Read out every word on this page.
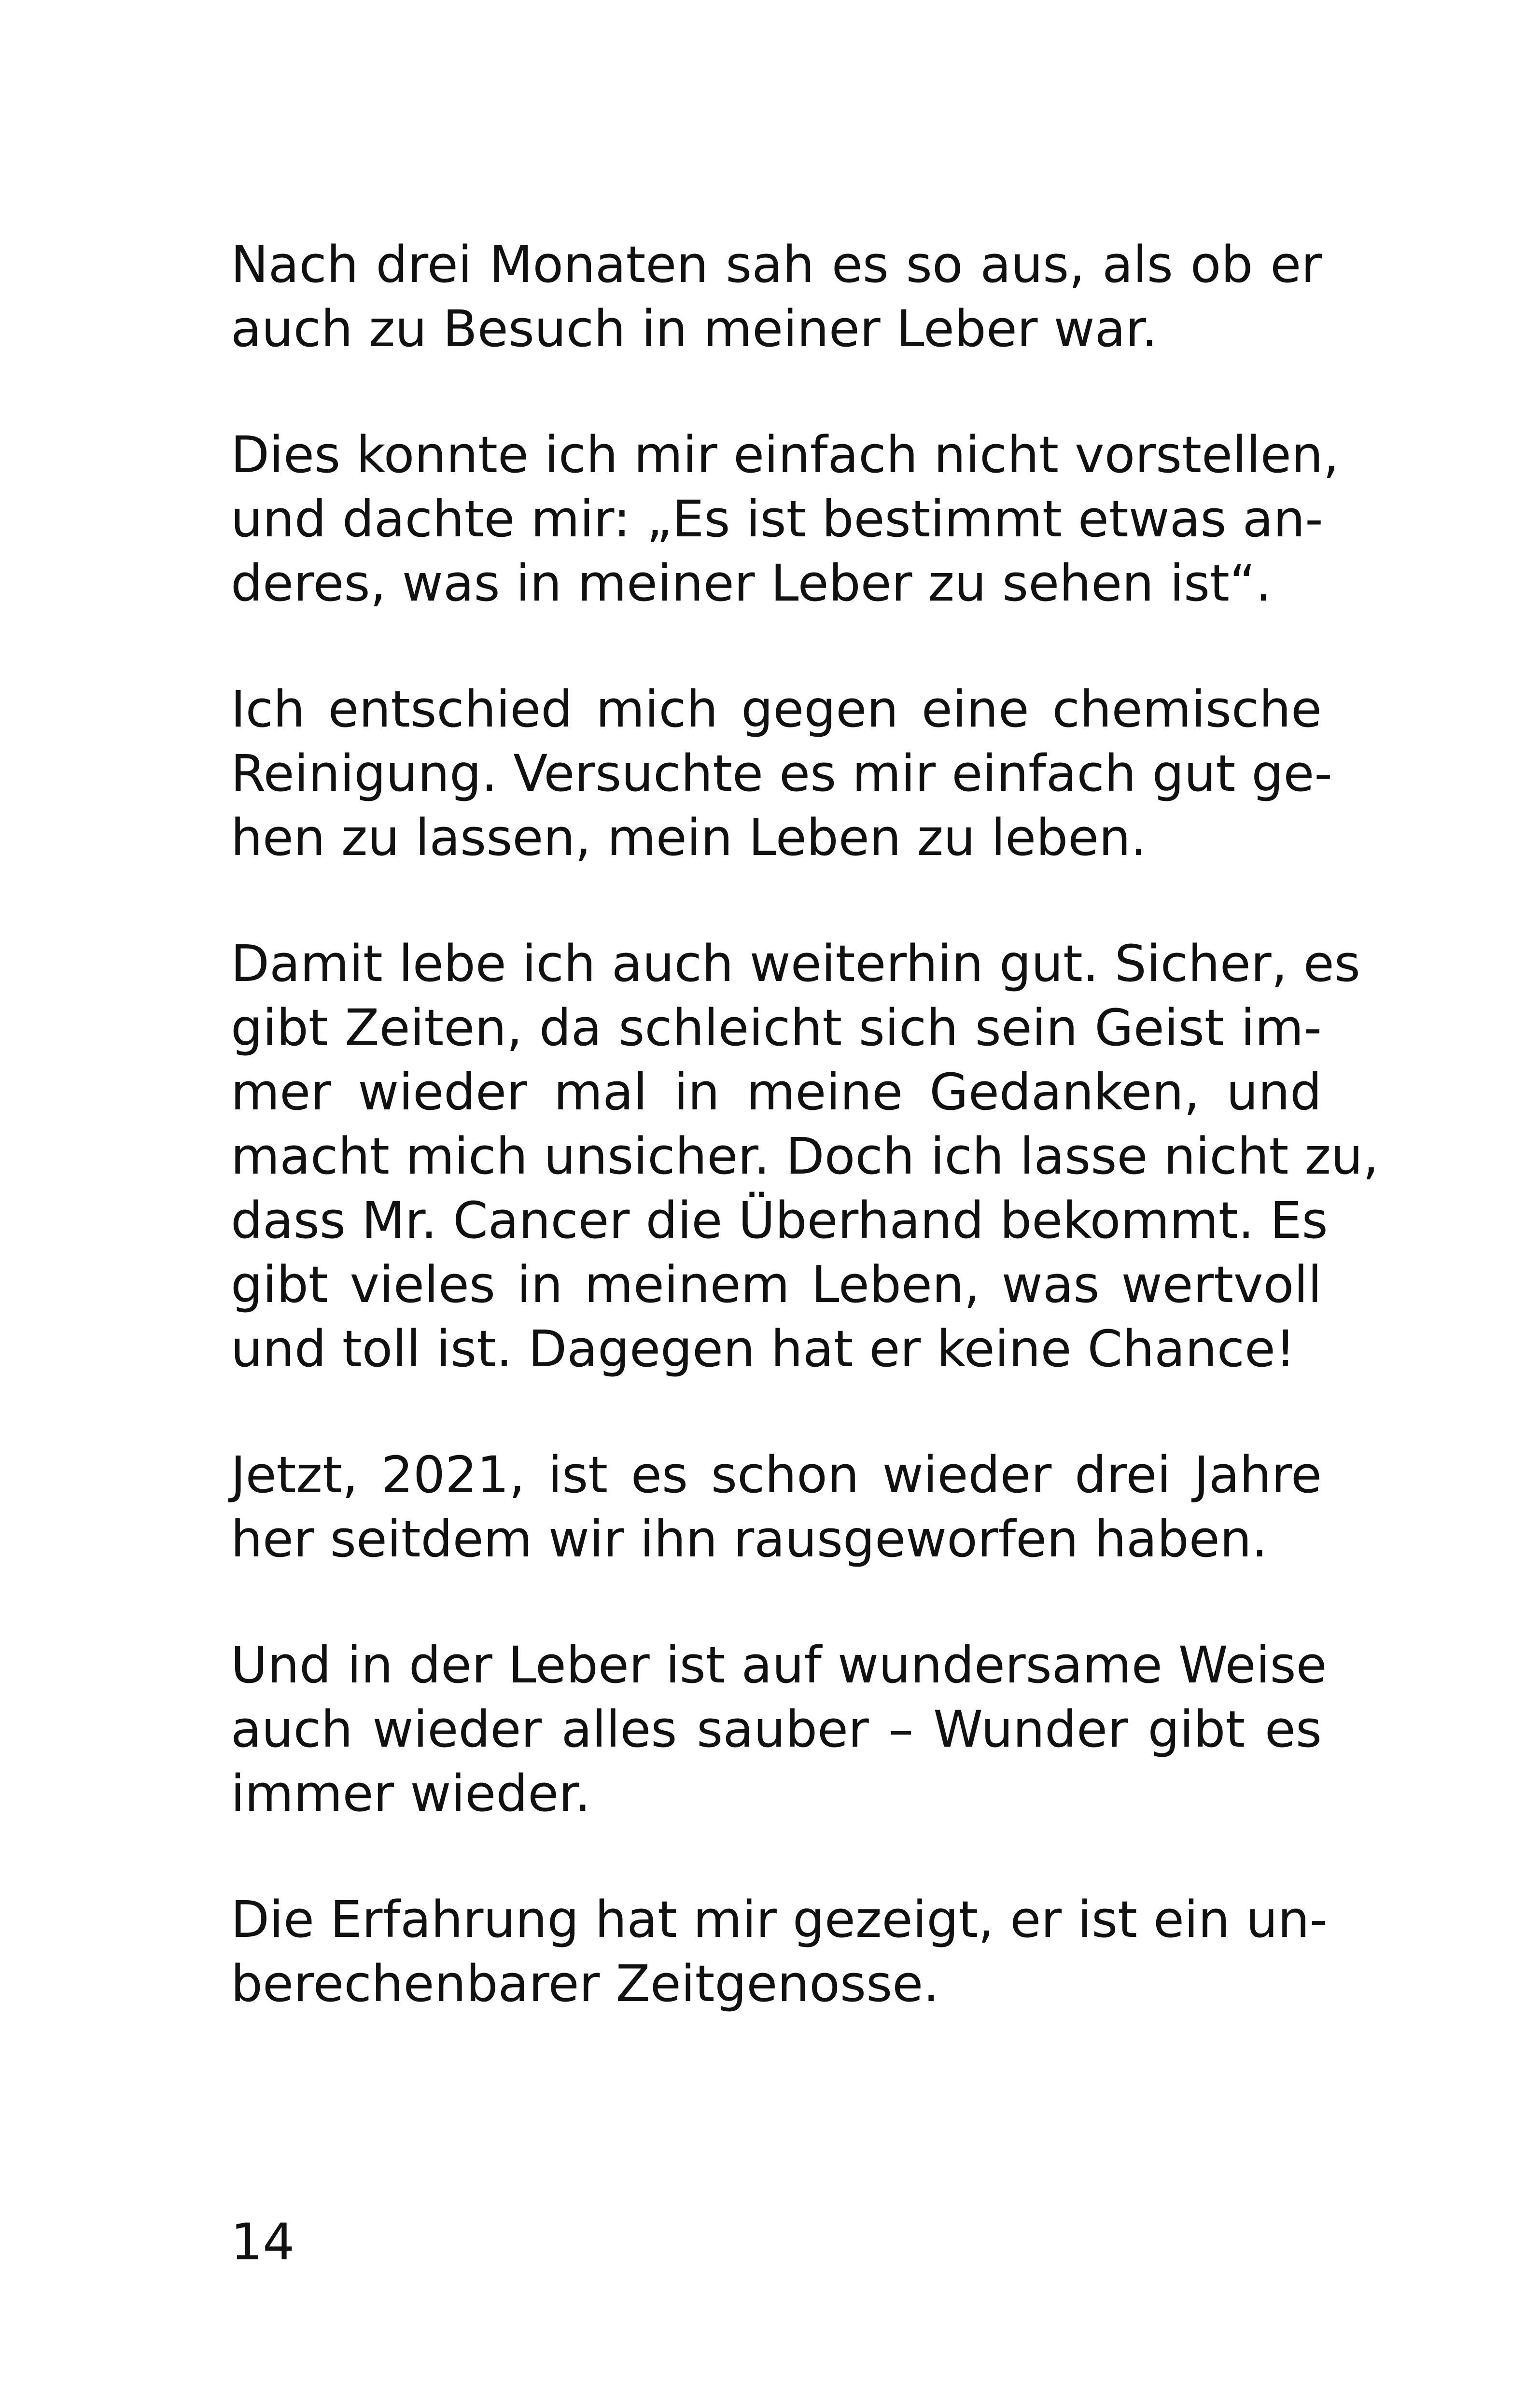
Nach drei Monaten sah es so aus, als ob er
auch zu Besuch in meiner Leber war.
Dies konnte ich mir einfach nicht vorstellen,
und dachte mir: „Es ist bestimmt etwas an-
deres, was in meiner Leber zu sehen ist“.
Ich entschied mich gegen eine chemische
Reinigung. Versuchte es mir einfach gut ge-
hen zu lassen, mein Leben zu leben.
Damit lebe ich auch weiterhin gut. Sicher, es
gibt Zeiten, da schleicht sich sein Geist im-
mer wieder mal in meine Gedanken, und
macht mich unsicher. Doch ich lasse nicht zu,
dass Mr. Cancer die Überhand bekommt. Es
gibt vieles in meinem Leben, was wertvoll
und toll ist. Dagegen hat er keine Chance!
Jetzt, 2021, ist es schon wieder drei Jahre
her seitdem wir ihn rausgeworfen haben.
Und in der Leber ist auf wundersame Weise
auch wieder alles sauber – Wunder gibt es
immer wieder.
Die Erfahrung hat mir gezeigt, er ist ein un-
berechenbarer Zeitgenosse.
14
